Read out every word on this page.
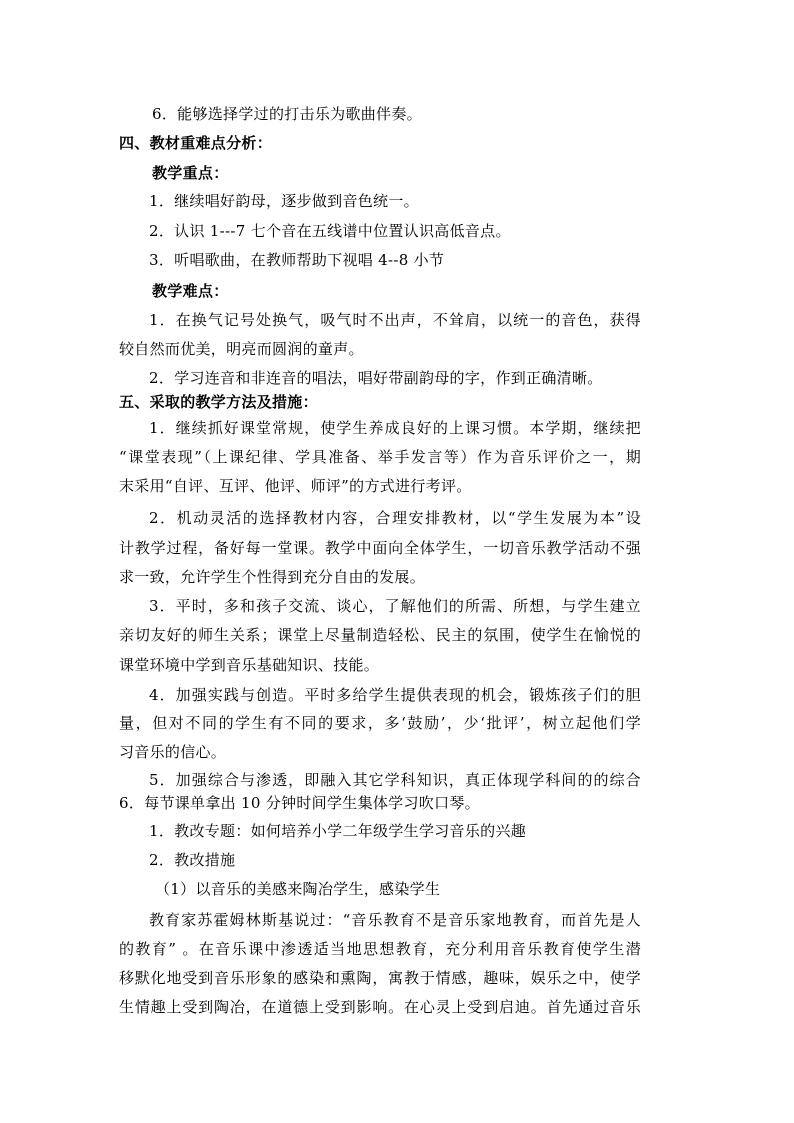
6．能够选择学过的打击乐为歌曲伴奏。
四、教材重难点分析：
教学重点：
1．继续唱好韵母，逐步做到音色统一。
2．认识 1---7 七个音在五线谱中位置认识高低音点。
3．听唱歌曲，在教师帮助下视唱 4--8 小节
教学难点：
1．在换气记号处换气，吸气时不出声，不耸肩，以统一的音色，获得
较自然而优美，明亮而圆润的童声。
2．学习连音和非连音的唱法，唱好带副韵母的字，作到正确清晰。
五、采取的教学方法及措施：
1．继续抓好课堂常规，使学生养成良好的上课习惯。本学期，继续把
“课堂表现”（上课纪律、学具准备、举手发言等）作为音乐评价之一，期
末采用“自评、互评、他评、师评”的方式进行考评。
2．机动灵活的选择教材内容，合理安排教材，以“学生发展为本”设
计教学过程，备好每一堂课。教学中面向全体学生，一切音乐教学活动不强
求一致，允许学生个性得到充分自由的发展。
3．平时，多和孩子交流、谈心，了解他们的所需、所想，与学生建立
亲切友好的师生关系；课堂上尽量制造轻松、民主的氛围，使学生在愉悦的
课堂环境中学到音乐基础知识、技能。
4．加强实践与创造。平时多给学生提供表现的机会，锻炼孩子们的胆
量，但对不同的学生有不同的要求，多‘鼓励’，少‘批评’，树立起他们学
习音乐的信心。
5．加强综合与渗透，即融入其它学科知识，真正体现学科间的的综合
6．每节课单拿出 10 分钟时间学生集体学习吹口琴。
1．教改专题：如何培养小学二年级学生学习音乐的兴趣
2．教改措施
（1）以音乐的美感来陶冶学生，感染学生
教育家苏霍姆林斯基说过：“音乐教育不是音乐家地教育，而首先是人
的教育” 。在音乐课中渗透适当地思想教育，充分利用音乐教育使学生潜
移默化地受到音乐形象的感染和熏陶，寓教于情感，趣味，娱乐之中，使学
生情趣上受到陶冶，在道德上受到影响。在心灵上受到启迪。首先通过音乐
